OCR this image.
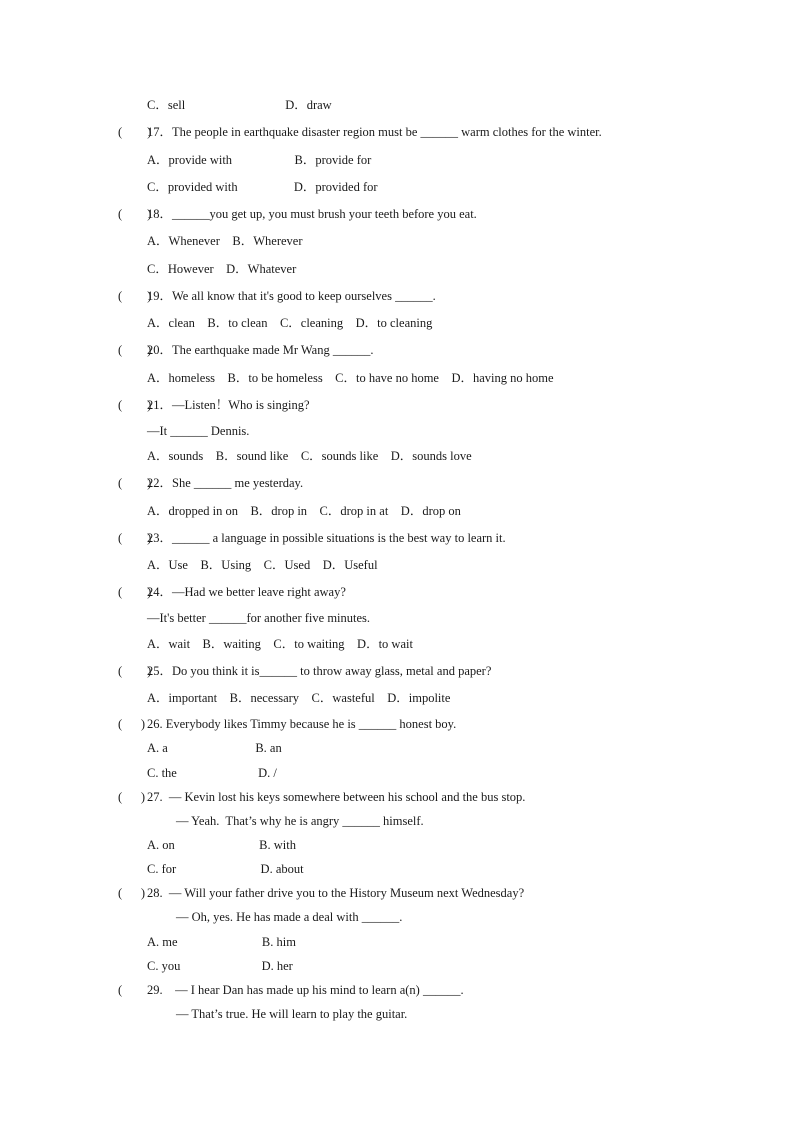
C．sell                                D．draw
(        )
17．The people in earthquake disaster region must be ______ warm clothes for the winter.
A．provide with                    B．provide for
C．provided with                  D．provided for
(        )
18．______you get up, you must brush your teeth before you eat.
A．Whenever    B．Wherever
C．However    D．Whatever
(        )
19．We all know that it's good to keep ourselves ______.
A．clean    B．to clean    C．cleaning    D．to cleaning
(        )
20．The earthquake made Mr Wang ______.
A．homeless    B．to be homeless    C．to have no home    D．having no home
(        )
21．—Listen！Who is singing?
—It ______ Dennis.
A．sounds    B．sound like    C．sounds like    D．sounds love
(        )
22．She ______ me yesterday.
A．dropped in on    B．drop in    C．drop in at    D．drop on
(        )
23．______ a language in possible situations is the best way to learn it.
A．Use    B．Using    C．Used    D．Useful
(        )
24．—Had we better leave right away?
—It's better ______for another five minutes.
A．wait    B．waiting    C．to waiting    D．to wait
(        )
25．Do you think it is______ to throw away glass, metal and paper?
A．important    B．necessary    C．wasteful    D．impolite
(      ) 26. Everybody likes Timmy because he is ______ honest boy.
A. a                            B. an
C. the                          D. /
(      ) 27.  — Kevin lost his keys somewhere between his school and the bus stop.
— Yeah.  That’s why he is angry ______ himself.
A. on                           B. with
C. for                           D. about
(      ) 28.  — Will your father drive you to the History Museum next Wednesday?
— Oh, yes. He has made a deal with ______.
A. me                           B. him
C. you                          D. her
( 29.    — I hear Dan has made up his mind to learn a(n) ______.
— That’s true. He will learn to play the guitar.
